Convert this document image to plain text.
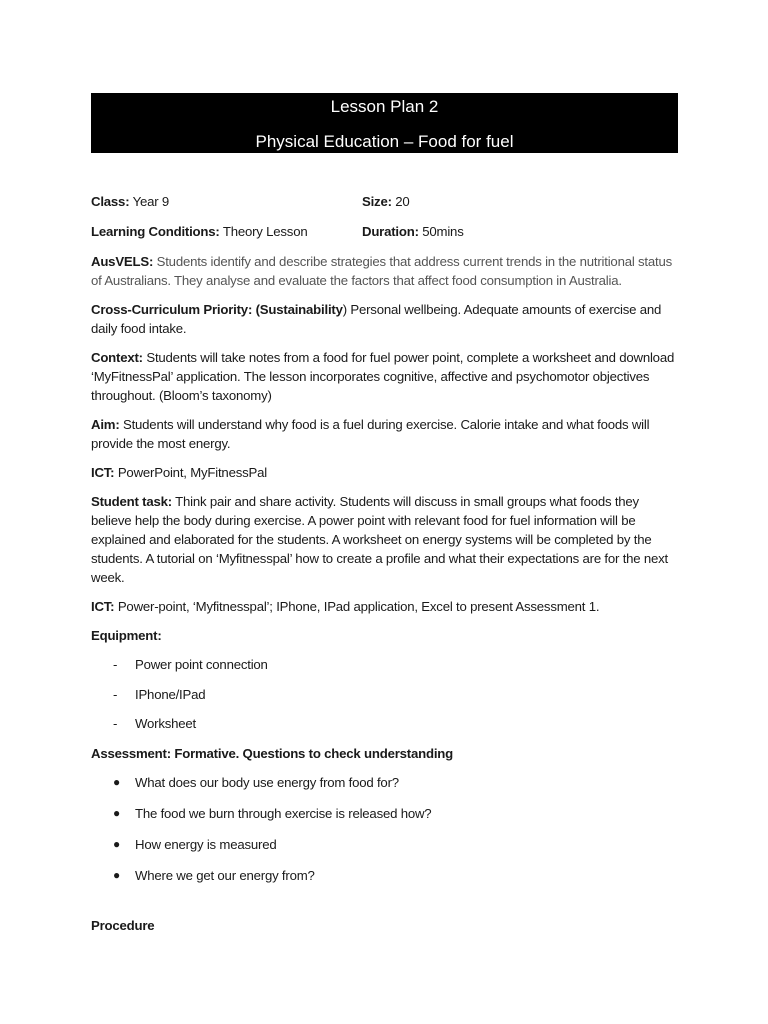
Lesson Plan 2
Physical Education – Food for fuel
Class: Year 9	Size: 20
Learning Conditions: Theory Lesson	Duration: 50mins

AusVELS: Students identify and describe strategies that address current trends in the nutritional status of Australians. They analyse and evaluate the factors that affect food consumption in Australia.

Cross-Curriculum Priority: (Sustainability) Personal wellbeing. Adequate amounts of exercise and daily food intake.

Context: Students will take notes from a food for fuel power point, complete a worksheet and download ‘MyFitnessPal’ application. The lesson incorporates cognitive, affective and psychomotor objectives throughout. (Bloom’s taxonomy)

Aim: Students will understand why food is a fuel during exercise. Calorie intake and what foods will provide the most energy.

ICT: PowerPoint, MyFitnessPal

Student task: Think pair and share activity. Students will discuss in small groups what foods they believe help the body during exercise. A power point with relevant food for fuel information will be explained and elaborated for the students. A worksheet on energy systems will be completed by the students. A tutorial on ‘Myfitnesspal’ how to create a profile and what their expectations are for the next week.

ICT: Power-point, ‘Myfitnesspal’; IPhone, IPad application, Excel to present Assessment 1.

Equipment:

- Power point connection
- IPhone/IPad
- Worksheet

Assessment: Formative. Questions to check understanding

● What does our body use energy from food for?
● The food we burn through exercise is released how?
● How energy is measured
● Where we get our energy from?

Procedure
